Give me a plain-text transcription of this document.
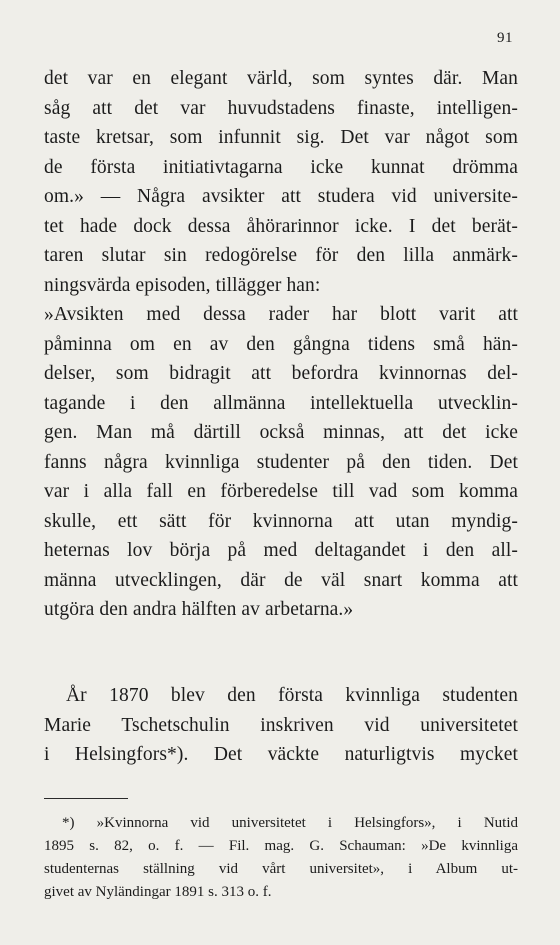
91
det var en elegant värld, som syntes där. Man
såg att det var huvudstadens finaste, intelligen-
taste kretsar, som infunnit sig. Det var något som
de första initiativtagarna icke kunnat drömma
om.» — Några avsikter att studera vid universite-
tet hade dock dessa åhörarinnor icke. I det berät-
taren slutar sin redogörelse för den lilla anmärk-
ningsvärda episoden, tillägger han:
»Avsikten med dessa rader har blott varit att
påminna om en av den gångna tidens små hän-
delser, som bidragit att befordra kvinnornas del-
tagande i den allmänna intellektuella utvecklin-
gen. Man må därtill också minnas, att det icke
fanns några kvinnliga studenter på den tiden. Det
var i alla fall en förberedelse till vad som komma
skulle, ett sätt för kvinnorna att utan myndig-
heternas lov börja på med deltagandet i den all-
männa utvecklingen, där de väl snart komma att
utgöra den andra hälften av arbetarna.»
År 1870 blev den första kvinnliga studenten
Marie Tschetschulin inskriven vid universitetet
i Helsingfors*). Det väckte naturligtvis mycket
*) »Kvinnorna vid universitetet i Helsingfors», i Nutid
1895 s. 82, o. f. — Fil. mag. G. Schauman: »De kvinnliga
studenternas ställning vid vårt universitet», i Album ut-
givet av Nyländingar 1891 s. 313 o. f.
